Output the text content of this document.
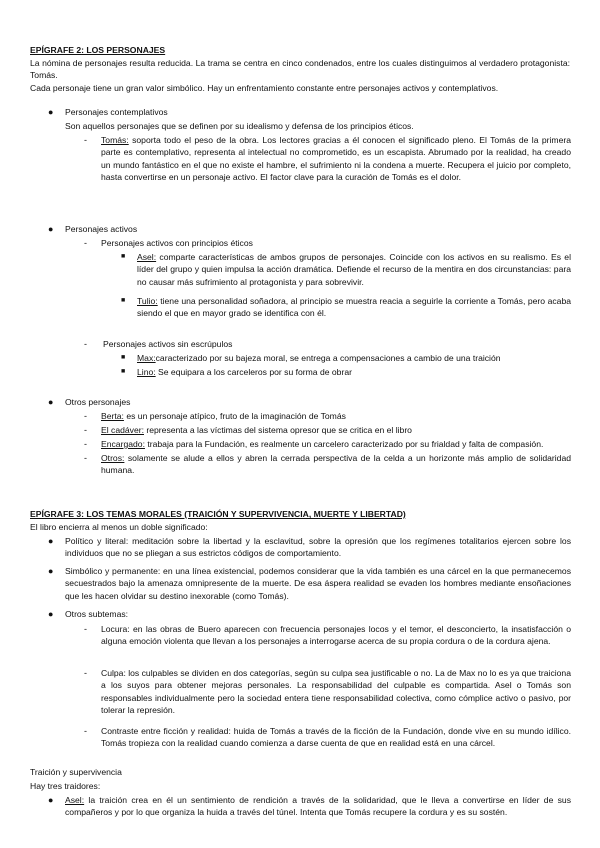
EPÍGRAFE 2: LOS PERSONAJES
La nómina de personajes resulta reducida. La trama se centra en cinco condenados, entre los cuales distinguimos al verdadero protagonista: Tomás.
Cada personaje tiene un gran valor simbólico. Hay un enfrentamiento constante entre personajes activos y contemplativos.
● Personajes contemplativos
Son aquellos personajes que se definen por su idealismo y defensa de los principios éticos.
- Tomás: soporta todo el peso de la obra. Los lectores gracias a él conocen el significado pleno. El Tomás de la primera parte es contemplativo, representa al intelectual no comprometido, es un escapista. Abrumado por la realidad, ha creado un mundo fantástico en el que no existe el hambre, el sufrimiento ni la condena a muerte. Recupera el juicio por completo, hasta convertirse en un personaje activo. El factor clave para la curación de Tomás es el dolor.
● Personajes activos
- Personajes activos con principios éticos
■ Asel: comparte características de ambos grupos de personajes. Coincide con los activos en su realismo. Es el líder del grupo y quien impulsa la acción dramática. Defiende el recurso de la mentira en dos circunstancias: para no causar más sufrimiento al protagonista y para sobrevivir.
■ Tulio: tiene una personalidad soñadora, al principio se muestra reacia a seguirle la corriente a Tomás, pero acaba siendo el que en mayor grado se identifica con él.
- Personajes activos sin escrúpulos
■ Max:caracterizado por su bajeza moral, se entrega a compensaciones a cambio de una traición
■ Lino: Se equipara a los carceleros por su forma de obrar
● Otros personajes
- Berta: es un personaje atípico, fruto de la imaginación de Tomás
- El cadáver: representa a las víctimas del sistema opresor que se critica en el libro
- Encargado: trabaja para la Fundación, es realmente un carcelero caracterizado por su frialdad y falta de compasión.
- Otros: solamente se alude a ellos y abren la cerrada perspectiva de la celda a un horizonte más amplio de solidaridad humana.
EPÍGRAFE 3: LOS TEMAS MORALES (TRAICIÓN Y SUPERVIVENCIA, MUERTE Y LIBERTAD)
El libro encierra al menos un doble significado:
● Político y literal: meditación sobre la libertad y la esclavitud, sobre la opresión que los regímenes totalitarios ejercen sobre los individuos que no se pliegan a sus estrictos códigos de comportamiento.
● Simbólico y permanente: en una línea existencial, podemos considerar que la vida también es una cárcel en la que permanecemos secuestrados bajo la amenaza omnipresente de la muerte. De esa áspera realidad se evaden los hombres mediante ensoñaciones que les hacen olvidar su destino inexorable (como Tomás).
● Otros subtemas:
- Locura: en las obras de Buero aparecen con frecuencia personajes locos y el temor, el desconcierto, la insatisfacción o alguna emoción violenta que llevan a los personajes a interrogarse acerca de su propia cordura o de la cordura ajena.
- Culpa: los culpables se dividen en dos categorías, según su culpa sea justificable o no. La de Max no lo es ya que traiciona a los suyos para obtener mejoras personales. La responsabilidad del culpable es compartida. Asel o Tomás son responsables individualmente pero la sociedad entera tiene responsabilidad colectiva, como cómplice activo o pasivo, por tolerar la represión.
- Contraste entre ficción y realidad: huida de Tomás a través de la ficción de la Fundación, donde vive en su mundo idílico. Tomás tropieza con la realidad cuando comienza a darse cuenta de que en realidad está en una cárcel.
Traición y supervivencia
Hay tres traidores:
● Asel: la traición crea en él un sentimiento de rendición a través de la solidaridad, que le lleva a convertirse en líder de sus compañeros y por lo que organiza la huida a través del túnel. Intenta que Tomás recupere la cordura y es su sostén.
